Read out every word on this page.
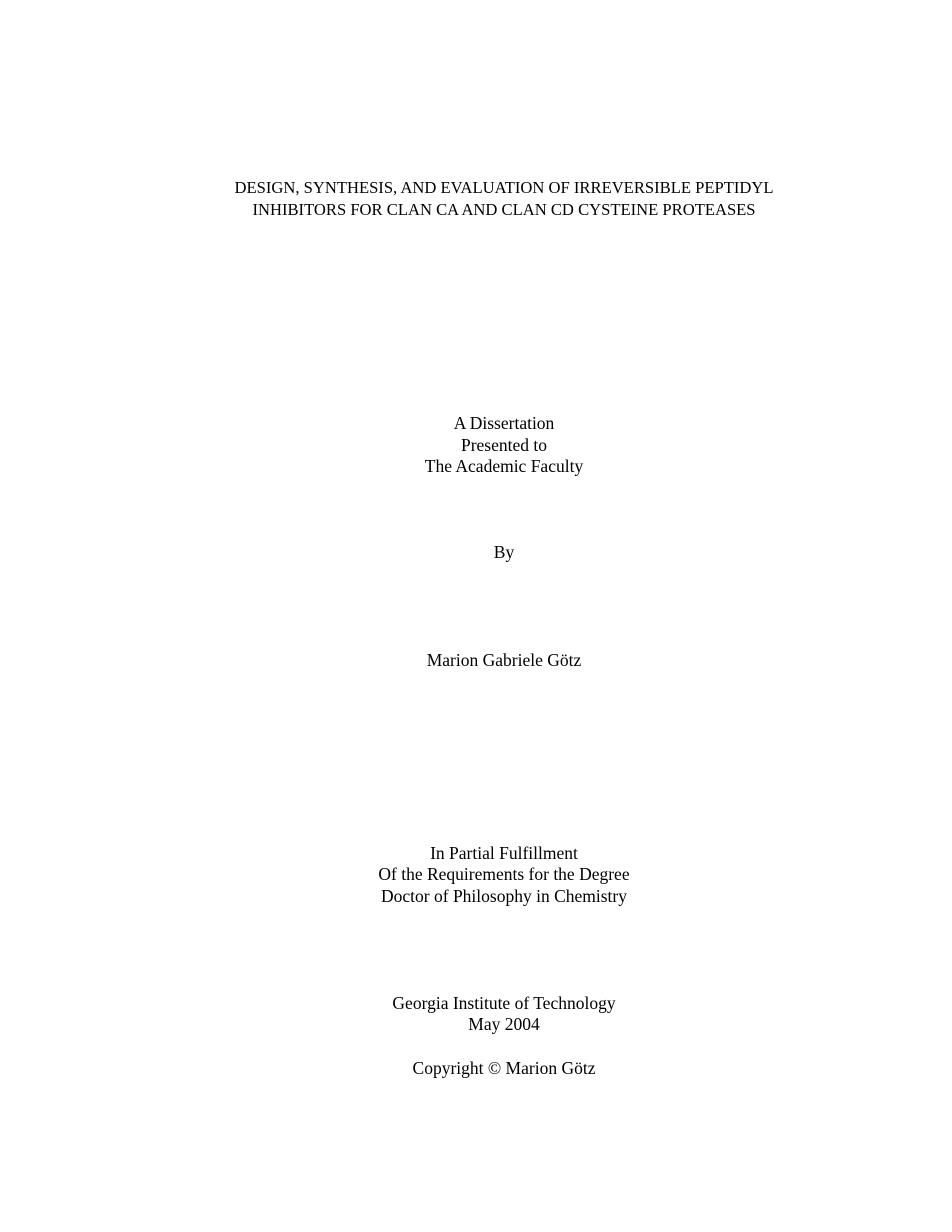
DESIGN, SYNTHESIS, AND EVALUATION OF IRREVERSIBLE PEPTIDYL
INHIBITORS FOR CLAN CA AND CLAN CD CYSTEINE PROTEASES
A Dissertation
Presented to
The Academic Faculty
By
Marion Gabriele Götz
In Partial Fulfillment
Of the Requirements for the Degree
Doctor of Philosophy in Chemistry
Georgia Institute of Technology
May 2004
Copyright © Marion Götz
